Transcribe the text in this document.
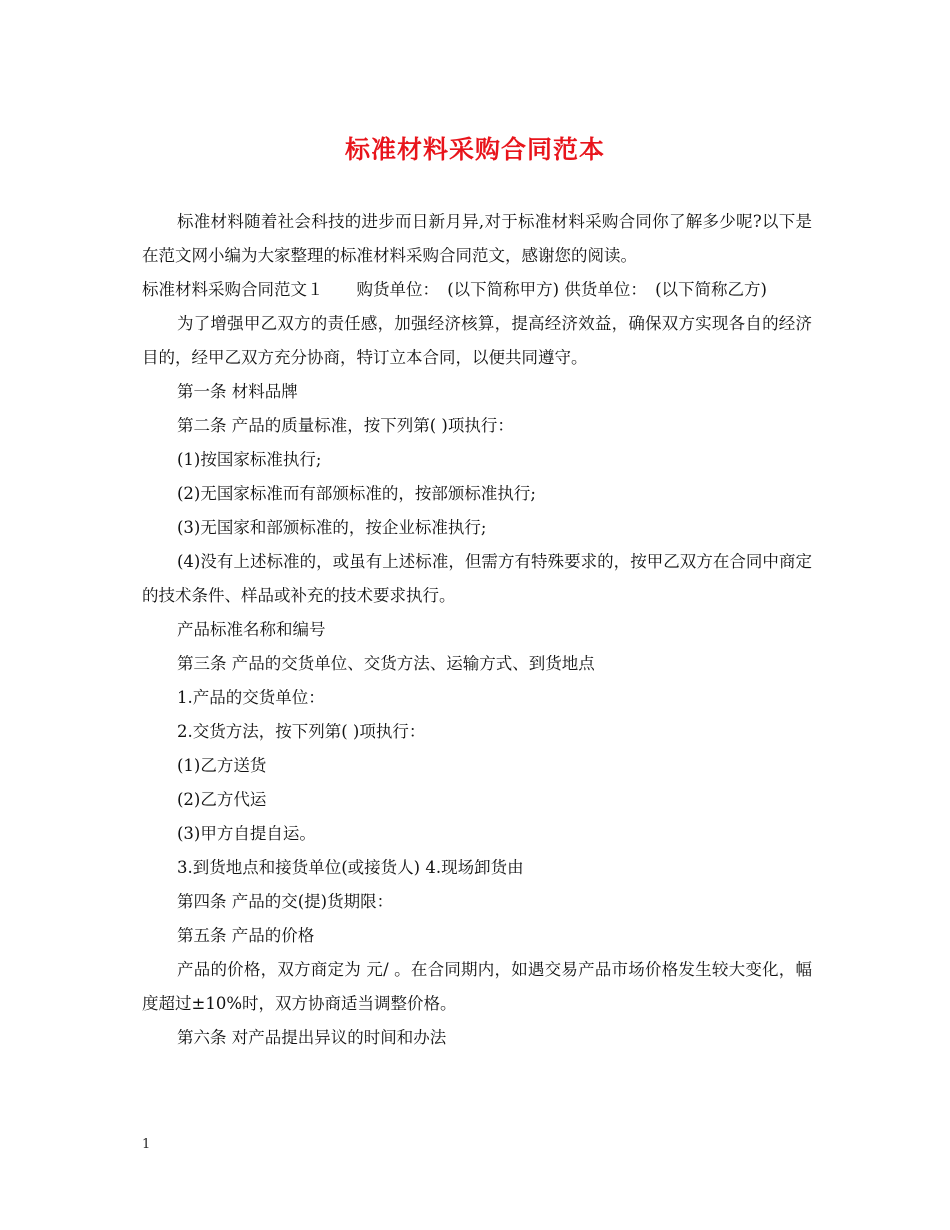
标准材料采购合同范本

标准材料随着社会科技的进步而日新月异,对于标准材料采购合同你了解多少呢?以下是在范文网小编为大家整理的标准材料采购合同范文，感谢您的阅读。

标准材料采购合同范文１　　购货单位：　(以下简称甲方) 供货单位：　(以下简称乙方)

为了增强甲乙双方的责任感，加强经济核算，提高经济效益，确保双方实现各自的经济目的，经甲乙双方充分协商，特订立本合同，以便共同遵守。

第一条 材料品牌

第二条 产品的质量标准，按下列第( )项执行：

(1)按国家标准执行;

(2)无国家标准而有部颁标准的，按部颁标准执行;

(3)无国家和部颁标准的，按企业标准执行;

(4)没有上述标准的，或虽有上述标准，但需方有特殊要求的，按甲乙双方在合同中商定的技术条件、样品或补充的技术要求执行。

产品标准名称和编号

第三条 产品的交货单位、交货方法、运输方式、到货地点

1.产品的交货单位：

2.交货方法，按下列第( )项执行：

(1)乙方送货

(2)乙方代运

(3)甲方自提自运。

3.到货地点和接货单位(或接货人) 4.现场卸货由

第四条 产品的交(提)货期限：

第五条 产品的价格

产品的价格，双方商定为 元/ 。在合同期内，如遇交易产品市场价格发生较大变化，幅度超过±10%时，双方协商适当调整价格。

第六条 对产品提出异议的时间和办法

1
